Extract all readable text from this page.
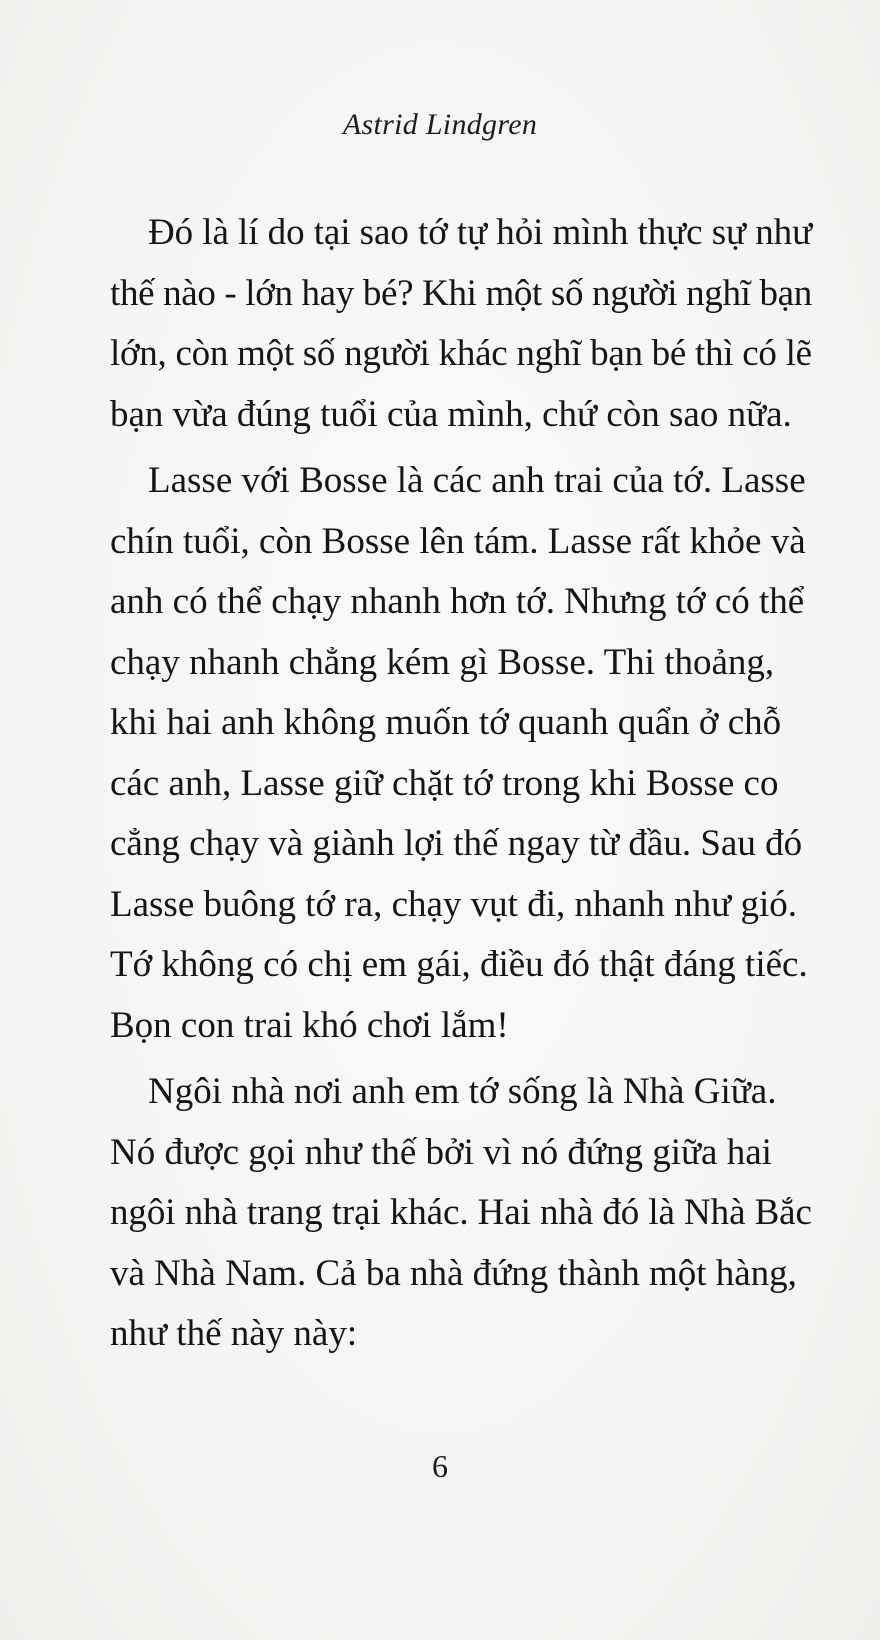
Astrid Lindgren

Đó là lí do tại sao tớ tự hỏi mình thực sự như
thế nào - lớn hay bé? Khi một số người nghĩ bạn
lớn, còn một số người khác nghĩ bạn bé thì có lẽ
bạn vừa đúng tuổi của mình, chứ còn sao nữa.

Lasse với Bosse là các anh trai của tớ. Lasse
chín tuổi, còn Bosse lên tám. Lasse rất khỏe và
anh có thể chạy nhanh hơn tớ. Nhưng tớ có thể
chạy nhanh chẳng kém gì Bosse. Thi thoảng,
khi hai anh không muốn tớ quanh quẩn ở chỗ
các anh, Lasse giữ chặt tớ trong khi Bosse co
cẳng chạy và giành lợi thế ngay từ đầu. Sau đó
Lasse buông tớ ra, chạy vụt đi, nhanh như gió.
Tớ không có chị em gái, điều đó thật đáng tiếc.
Bọn con trai khó chơi lắm!

Ngôi nhà nơi anh em tớ sống là Nhà Giữa.
Nó được gọi như thế bởi vì nó đứng giữa hai
ngôi nhà trang trại khác. Hai nhà đó là Nhà Bắc
và Nhà Nam. Cả ba nhà đứng thành một hàng,
như thế này này:

6
